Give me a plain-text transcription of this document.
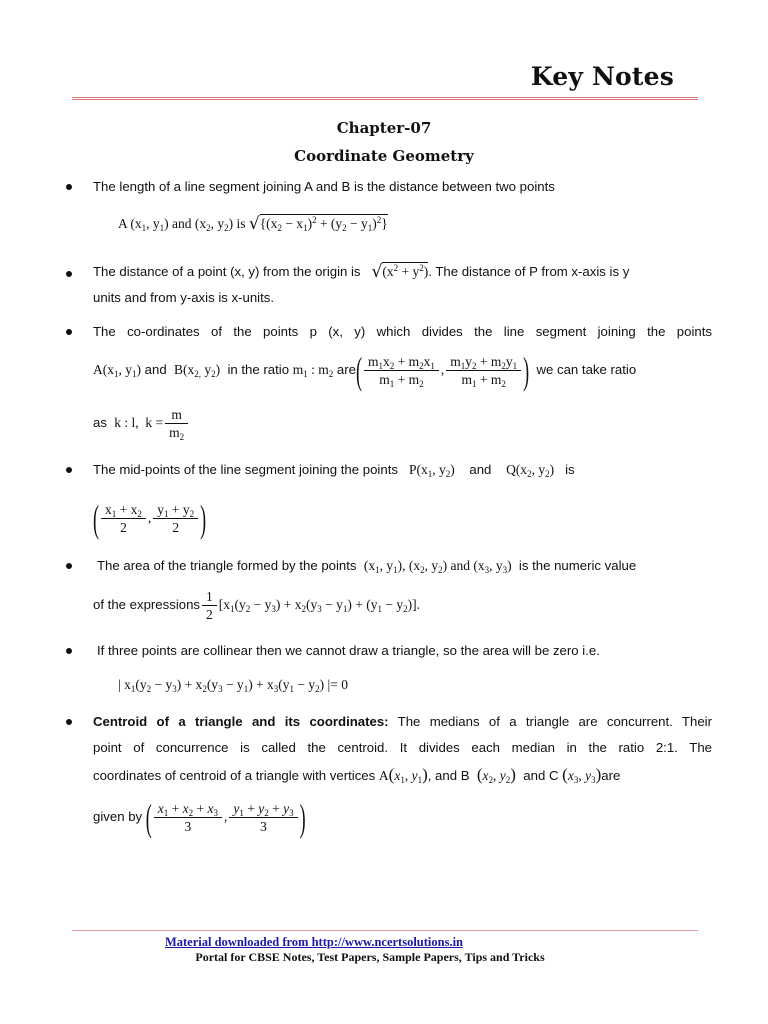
Key Notes
Chapter-07
Coordinate Geometry
The length of a line segment joining A and B is the distance between two points
A ($x_1$, $y_1$) and ($x_2$, $y_2$) is $√\{(x_2 - x_1)^2 + (y_2 - y_1)^2\}$
The distance of a point (x, y) from the origin is $√(x^2 + y^2)$. The distance of P from x-axis is y
units and from y-axis is x-units.
The co-ordinates of the points p (x, y) which divides the line segment joining the points
$A(x_1$, $y_1$) and  $B(x_{2,}$ $y_2$) in the ratio $m_1$ : $m_2$ $are( \frac{m_1x_2 + m_2x_1}{m_1 + m_2}$ , $\frac{m_1y_2 + m_2y_1}{m_1 + m_2}$ ) we can take ratio
as k : l,  $k = \frac{m}{m_2}$
The mid-points of the line segment joining the points $P(x_1$, $y_2$) and $Q(x_2$, $y_2$) is
( $\frac{x_1 + x_2}{2}$ , $\frac{y_1 + y_2}{2}$ )
The area of the triangle formed by the points ($x_1$, $y_1$), ($x_2$, $y_2$) and ($x_3$, $y_3$) is the numeric value
of the expressions $\frac{1}{2} [x_1(y_2 - y_3) + x_2(y_3 - y_1) + (y_1 - y_2)]$.
If three points are collinear then we cannot draw a triangle, so the area will be zero i.e.
| $x_1(y_2 - y_3) + x_2(y_3 - y_1) + x_3(y_1 - y_2)$ |= 0
Centroid of a triangle and its coordinates: The medians of a triangle are concurrent. Their
point of concurrence is called the centroid. It divides each median in the ratio 2:1. The
coordinates of centroid of a triangle with vertices $A(x_1$, $y_1$), and B ($x_2$, $y_2$) and C ($x_3$, $y_3)are$
given by ( $\frac{x_1 + x_2 + x_3}{3}$ , $\frac{y_1 + y_2 + y_3}{3}$ )
Material downloaded from http://www.ncertsolutions.in
Portal for CBSE Notes, Test Papers, Sample Papers, Tips and Tricks
